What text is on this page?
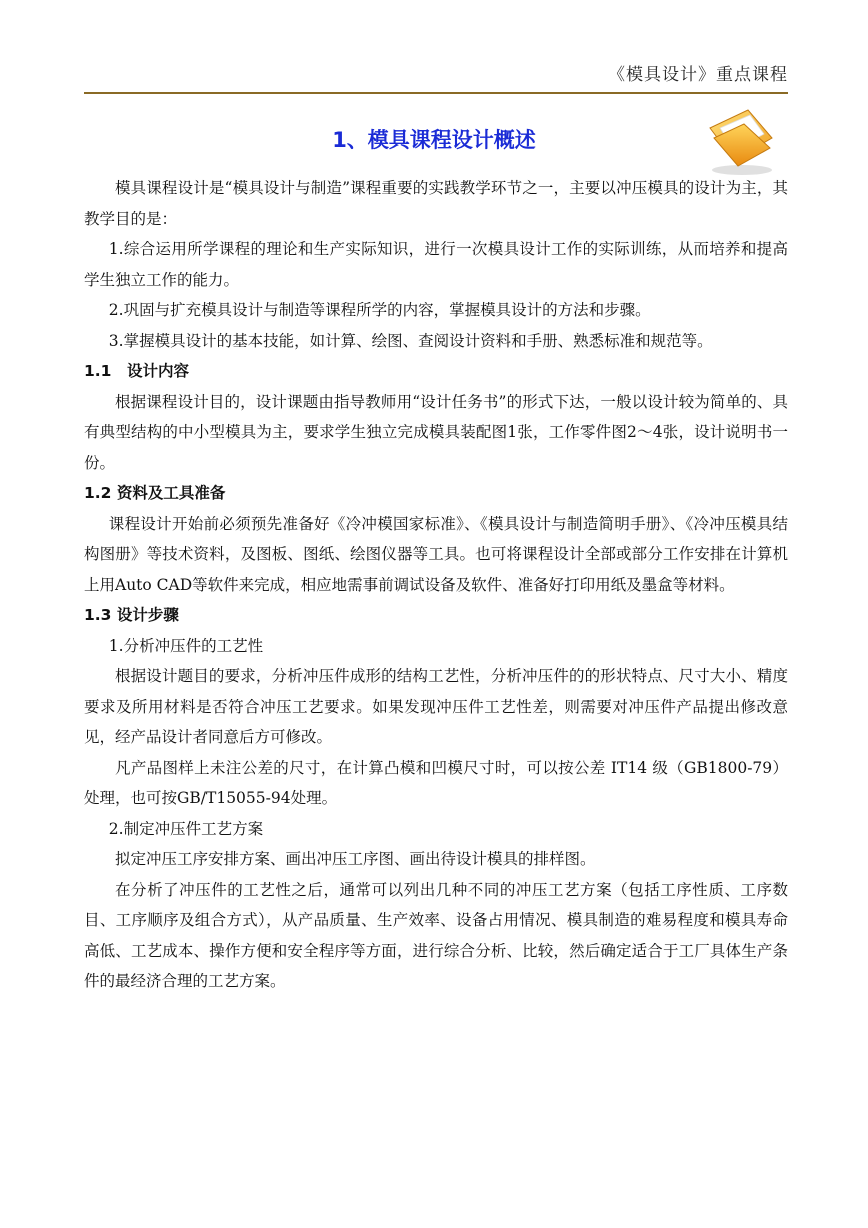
《模具设计》重点课程
1、模具课程设计概述

模具课程设计是“模具设计与制造”课程重要的实践教学环节之一，主要以冲压模具的设计为主，其教学目的是：

1.综合运用所学课程的理论和生产实际知识，进行一次模具设计工作的实际训练，从而培养和提高学生独立工作的能力。

2.巩固与扩充模具设计与制造等课程所学的内容，掌握模具设计的方法和步骤。

3.掌握模具设计的基本技能，如计算、绘图、查阅设计资料和手册、熟悉标准和规范等。

1.1　设计内容

根据课程设计目的，设计课题由指导教师用“设计任务书”的形式下达，一般以设计较为简单的、具有典型结构的中小型模具为主，要求学生独立完成模具装配图1张，工作零件图2～4张，设计说明书一份。

1.2 资料及工具准备

课程设计开始前必须预先准备好《冷冲模国家标准》、《模具设计与制造简明手册》、《冷冲压模具结构图册》等技术资料，及图板、图纸、绘图仪器等工具。也可将课程设计全部或部分工作安排在计算机上用Auto CAD等软件来完成，相应地需事前调试设备及软件、准备好打印用纸及墨盒等材料。

1.3 设计步骤

1.分析冲压件的工艺性

根据设计题目的要求，分析冲压件成形的结构工艺性，分析冲压件的的形状特点、尺寸大小、精度要求及所用材料是否符合冲压工艺要求。如果发现冲压件工艺性差，则需要对冲压件产品提出修改意见，经产品设计者同意后方可修改。

凡产品图样上未注公差的尺寸，在计算凸模和凹模尺寸时，可以按公差 IT14 级（GB1800-79）处理，也可按GB/T15055-94处理。

2.制定冲压件工艺方案

拟定冲压工序安排方案、画出冲压工序图、画出待设计模具的排样图。

在分析了冲压件的工艺性之后，通常可以列出几种不同的冲压工艺方案（包括工序性质、工序数目、工序顺序及组合方式），从产品质量、生产效率、设备占用情况、模具制造的难易程度和模具寿命高低、工艺成本、操作方便和安全程序等方面，进行综合分析、比较，然后确定适合于工厂具体生产条件的最经济合理的工艺方案。
